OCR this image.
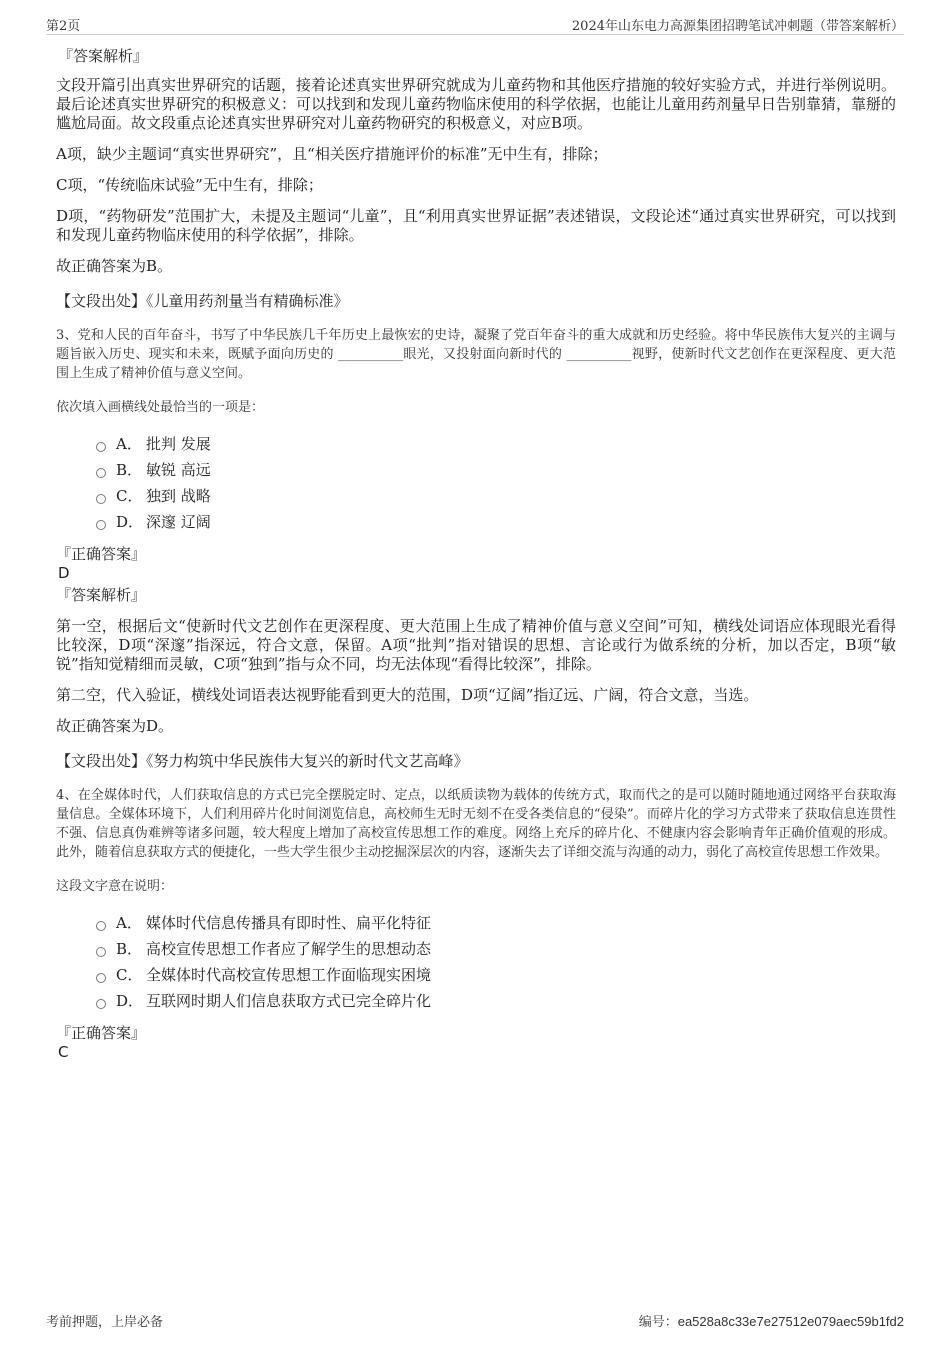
第2页	2024年山东电力高源集团招聘笔试冲刺题（带答案解析）
『答案解析』
文段开篇引出真实世界研究的话题，接着论述真实世界研究就成为儿童药物和其他医疗措施的较好实验方式，并进行举例说明。最后论述真实世界研究的积极意义：可以找到和发现儿童药物临床使用的科学依据，也能让儿童用药剂量早日告别靠猜，靠掰的尴尬局面。故文段重点论述真实世界研究对儿童药物研究的积极意义，对应B项。
A项，缺少主题词“真实世界研究”，且“相关医疗措施评价的标准”无中生有，排除；
C项，“传统临床试验”无中生有，排除；
D项，“药物研发”范围扩大，未提及主题词“儿童”，且“利用真实世界证据”表述错误，文段论述“通过真实世界研究，可以找到和发现儿童药物临床使用的科学依据”，排除。
故正确答案为B。
【文段出处】《儿童用药剂量当有精确标准》
3、党和人民的百年奋斗，书写了中华民族几千年历史上最恢宏的史诗，凝聚了党百年奋斗的重大成就和历史经验。将中华民族伟大复兴的主调与题旨嵌入历史、现实和未来，既赋予面向历史的 __________眼光，又投射面向新时代的 __________视野，使新时代文艺创作在更深程度、更大范围上生成了精神价值与意义空间。
依次填入画横线处最恰当的一项是：
A． 批判 发展
B． 敏锐 高远
C． 独到 战略
D． 深邃 辽阔
『正确答案』
D
『答案解析』
第一空，根据后文“使新时代文艺创作在更深程度、更大范围上生成了精神价值与意义空间”可知，横线处词语应体现眼光看得比较深，D项“深邃”指深远，符合文意，保留。A项“批判”指对错误的思想、言论或行为做系统的分析，加以否定，B项“敏锐”指知觉精细而灵敏，C项“独到”指与众不同，均无法体现“看得比较深”，排除。
第二空，代入验证，横线处词语表达视野能看到更大的范围，D项“辽阔”指辽远、广阔，符合文意，当选。
故正确答案为D。
【文段出处】《努力构筑中华民族伟大复兴的新时代文艺高峰》
4、在全媒体时代，人们获取信息的方式已完全摆脱定时、定点，以纸质读物为载体的传统方式，取而代之的是可以随时随地通过网络平台获取海量信息。全媒体环境下，人们利用碎片化时间浏览信息，高校师生无时无刻不在受各类信息的“侵染”。而碎片化的学习方式带来了获取信息连贯性不强、信息真伪难辨等诸多问题，较大程度上增加了高校宣传思想工作的难度。网络上充斥的碎片化、不健康内容会影响青年正确价值观的形成。此外，随着信息获取方式的便捷化，一些大学生很少主动挖掘深层次的内容，逐渐失去了详细交流与沟通的动力，弱化了高校宣传思想工作效果。
这段文字意在说明：
A． 媒体时代信息传播具有即时性、扁平化特征
B． 高校宣传思想工作者应了解学生的思想动态
C． 全媒体时代高校宣传思想工作面临现实困境
D． 互联网时期人们信息获取方式已完全碎片化
『正确答案』
C
考前押题，上岸必备	编号：ea528a8c33e7e27512e079aec59b1fd2
